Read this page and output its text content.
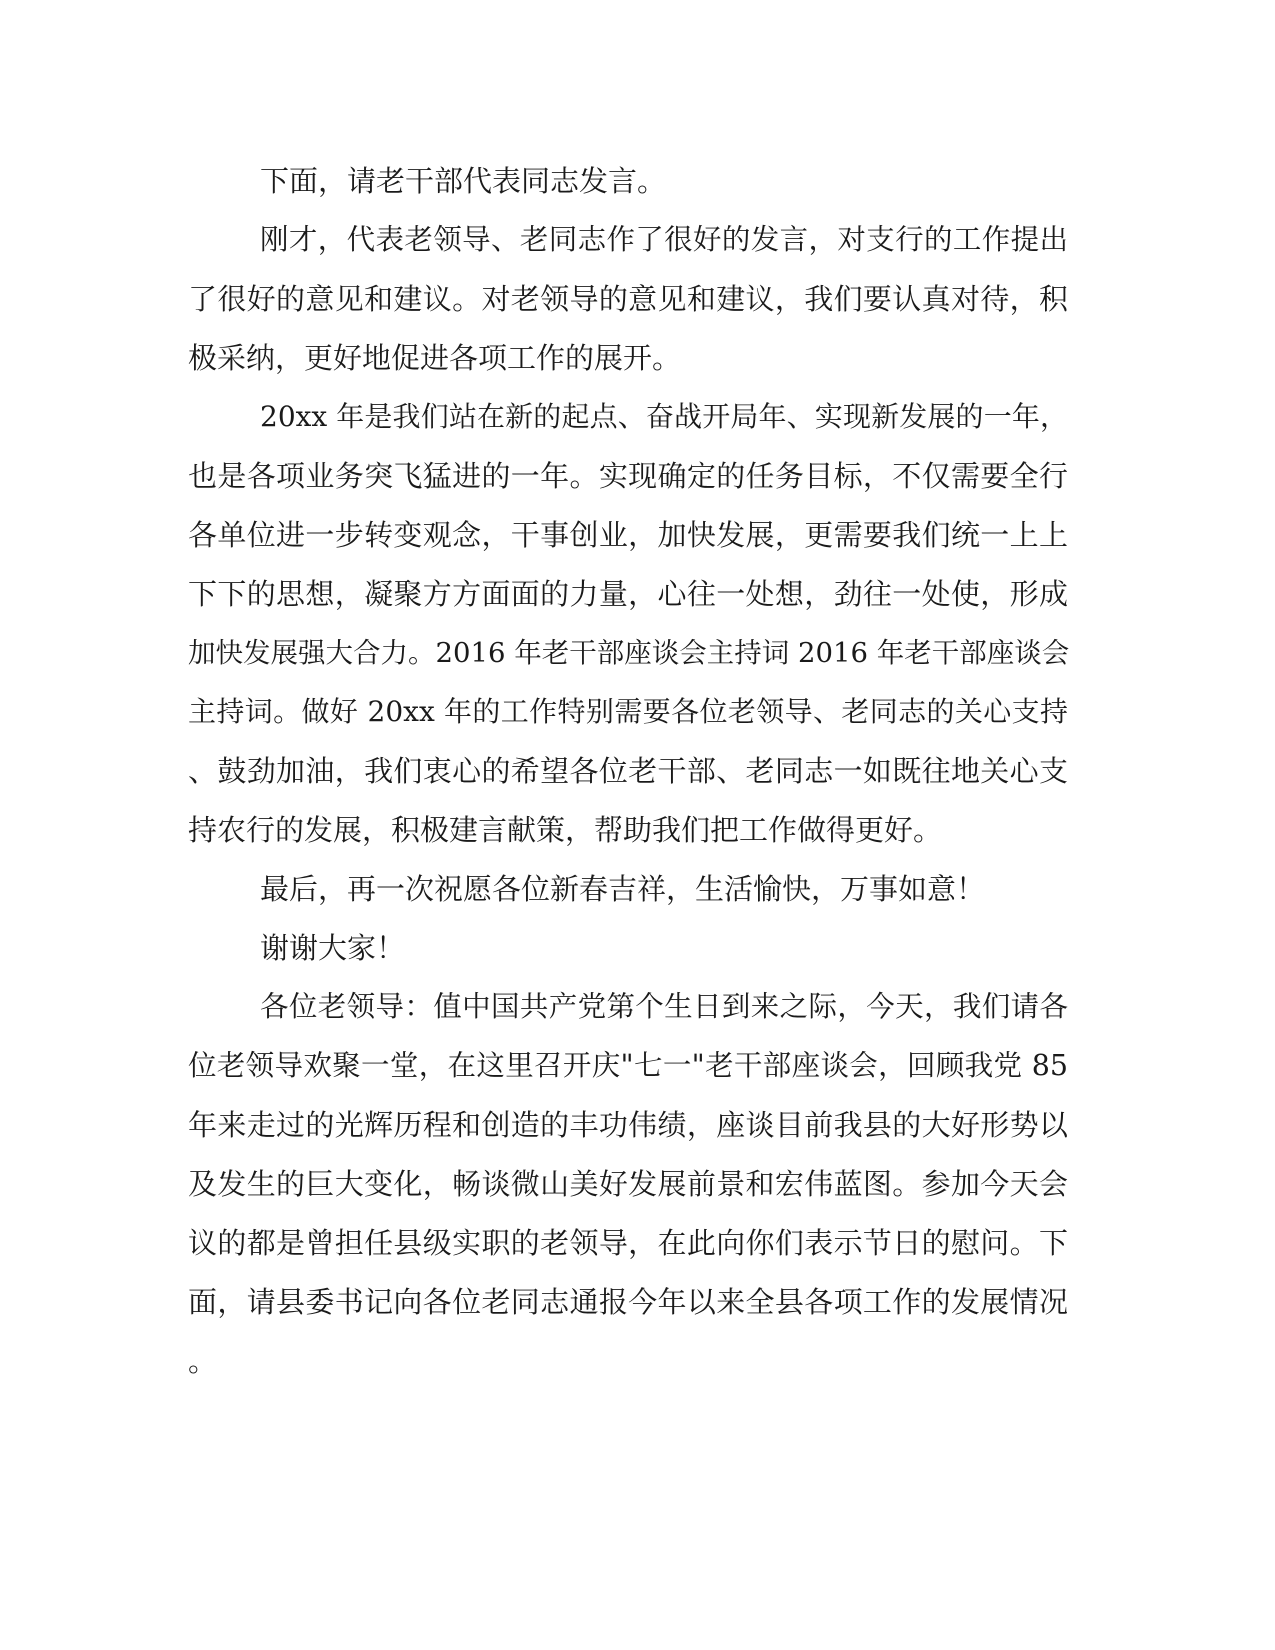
下面，请老干部代表同志发言。

刚才，代表老领导、老同志作了很好的发言，对支行的工作提出

了很好的意见和建议。对老领导的意见和建议，我们要认真对待，积

极采纳，更好地促进各项工作的展开。

20xx 年是我们站在新的起点、奋战开局年、实现新发展的一年，

也是各项业务突飞猛进的一年。实现确定的任务目标，不仅需要全行

各单位进一步转变观念，干事创业，加快发展，更需要我们统一上上

下下的思想，凝聚方方面面的力量，心往一处想，劲往一处使，形成

加快发展强大合力。2016 年老干部座谈会主持词 2016 年老干部座谈会

主持词。做好 20xx 年的工作特别需要各位老领导、老同志的关心支持

、鼓劲加油，我们衷心的希望各位老干部、老同志一如既往地关心支

持农行的发展，积极建言献策，帮助我们把工作做得更好。

最后，再一次祝愿各位新春吉祥，生活愉快，万事如意！

谢谢大家！

各位老领导：值中国共产党第个生日到来之际，今天，我们请各

位老领导欢聚一堂，在这里召开庆"七一"老干部座谈会，回顾我党 85

年来走过的光辉历程和创造的丰功伟绩，座谈目前我县的大好形势以

及发生的巨大变化，畅谈微山美好发展前景和宏伟蓝图。参加今天会

议的都是曾担任县级实职的老领导，在此向你们表示节日的慰问。下

面，请县委书记向各位老同志通报今年以来全县各项工作的发展情况

。
